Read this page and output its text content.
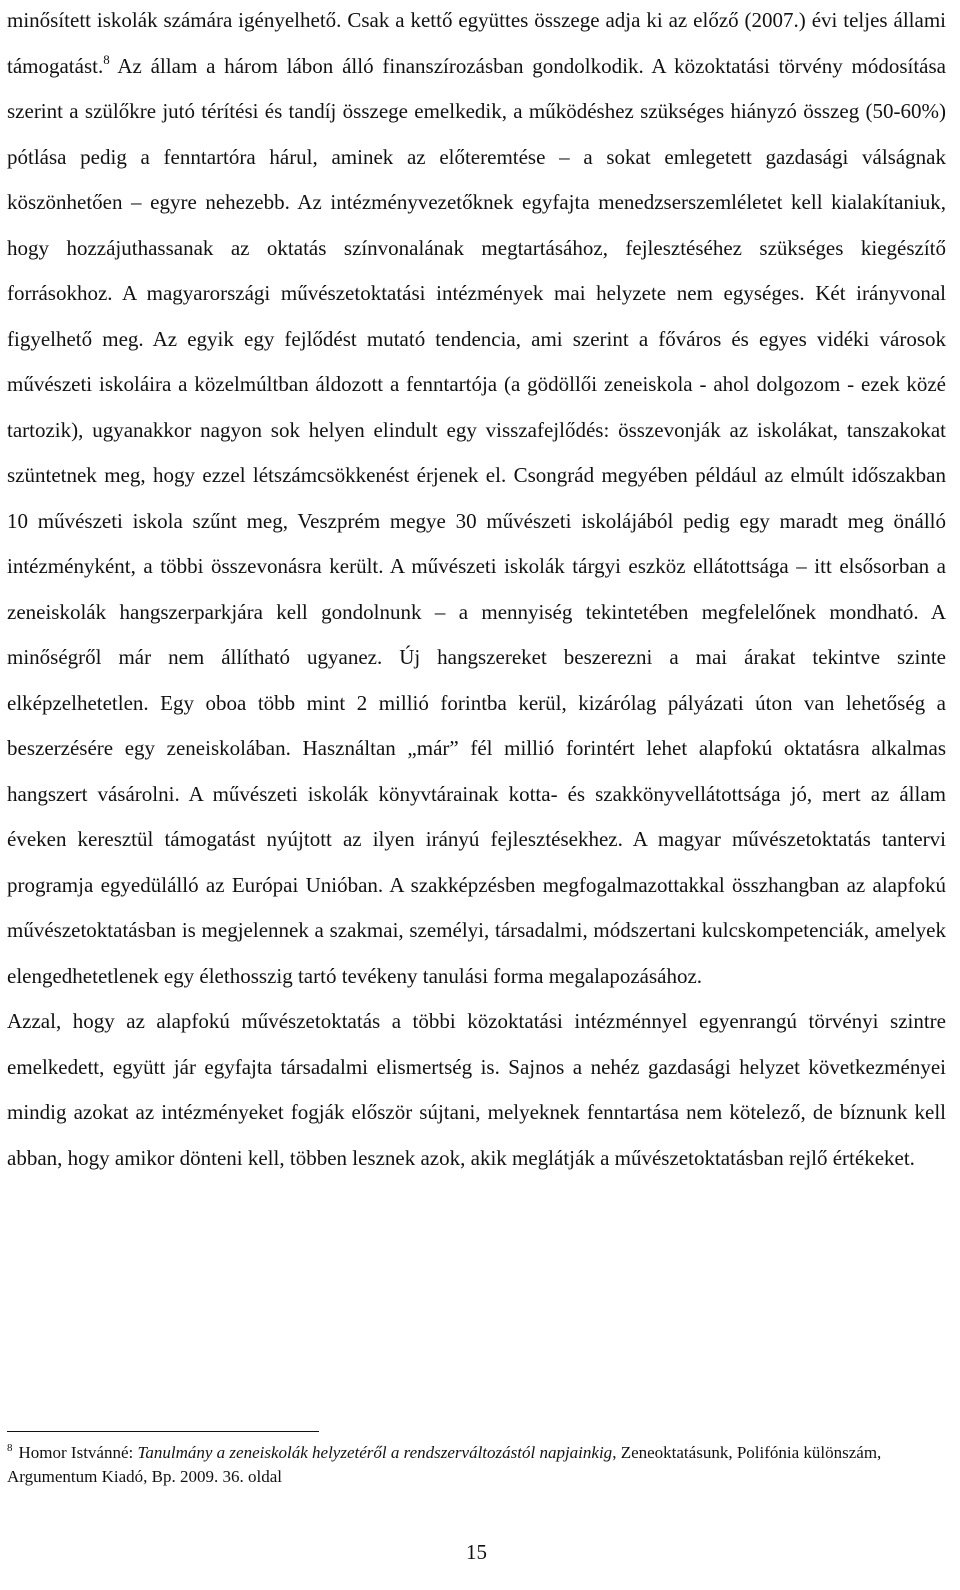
minősített iskolák számára igényelhető. Csak a kettő együttes összege adja ki az előző (2007.) évi teljes állami támogatást.$^8$ Az állam a három lábon álló finanszírozásban gondolkodik. A közoktatási törvény módosítása szerint a szülőkre jutó térítési és tandíj összege emelkedik, a működéshez szükséges hiányzó összeg (50-60%) pótlása pedig a fenntartóra hárul, aminek az előteremtése – a sokat emlegetett gazdasági válságnak köszönhetően – egyre nehezebb. Az intézményvezetőknek egyfajta menedzserszemléletet kell kialakítaniuk, hogy hozzájuthassanak az oktatás színvonalának megtartásához, fejlesztéséhez szükséges kiegészítő forrásokhoz. A magyarországi művészetoktatási intézmények mai helyzete nem egységes. Két irányvonal figyelhető meg. Az egyik egy fejlődést mutató tendencia, ami szerint a főváros és egyes vidéki városok művészeti iskoláira a közelmúltban áldozott a fenntartója (a gödöllői zeneiskola - ahol dolgozom - ezek közé tartozik), ugyanakkor nagyon sok helyen elindult egy visszafejlődés: összevonják az iskolákat, tanszakokat szüntetnek meg, hogy ezzel létszámcsökkenést érjenek el. Csongrád megyében például az elmúlt időszakban 10 művészeti iskola szűnt meg, Veszprém megye 30 művészeti iskolájából pedig egy maradt meg önálló intézményként, a többi összevonásra került. A művészeti iskolák tárgyi eszköz ellátottsága – itt elsősorban a zeneiskolák hangszerparkjára kell gondolnunk – a mennyiség tekintetében megfelelőnek mondható. A minőségről már nem állítható ugyanez. Új hangszereket beszerezni a mai árakat tekintve szinte elképzelhetetlen. Egy oboa több mint 2 millió forintba kerül, kizárólag pályázati úton van lehetőség a beszerzésére egy zeneiskolában. Használtan „már” fél millió forintért lehet alapfokú oktatásra alkalmas hangszert vásárolni. A művészeti iskolák könyvtárainak kotta- és szakkönyvellátottsága jó, mert az állam éveken keresztül támogatást nyújtott az ilyen irányú fejlesztésekhez. A magyar művészetoktatás tantervi programja egyedülálló az Európai Unióban. A szakképzésben megfogalmazottakkal összhangban az alapfokú művészetoktatásban is megjelennek a szakmai, személyi, társadalmi, módszertani kulcskompetenciák, amelyek elengedhetetlenek egy élethosszig tartó tevékeny tanulási forma megalapozásához.

Azzal, hogy az alapfokú művészetoktatás a többi közoktatási intézménnyel egyenrangú törvényi szintre emelkedett, együtt jár egyfajta társadalmi elismertség is. Sajnos a nehéz gazdasági helyzet következményei mindig azokat az intézményeket fogják először sújtani, melyeknek fenntartása nem kötelező, de bíznunk kell abban, hogy amikor dönteni kell, többen lesznek azok, akik meglátják a művészetoktatásban rejlő értékeket.

$^8$ Homor Istvánné: Tanulmány a zeneiskolák helyzetéről a rendszerváltozástól napjainkig, Zeneoktatásunk, Polifónia különszám, Argumentum Kiadó, Bp. 2009. 36. oldal

15
